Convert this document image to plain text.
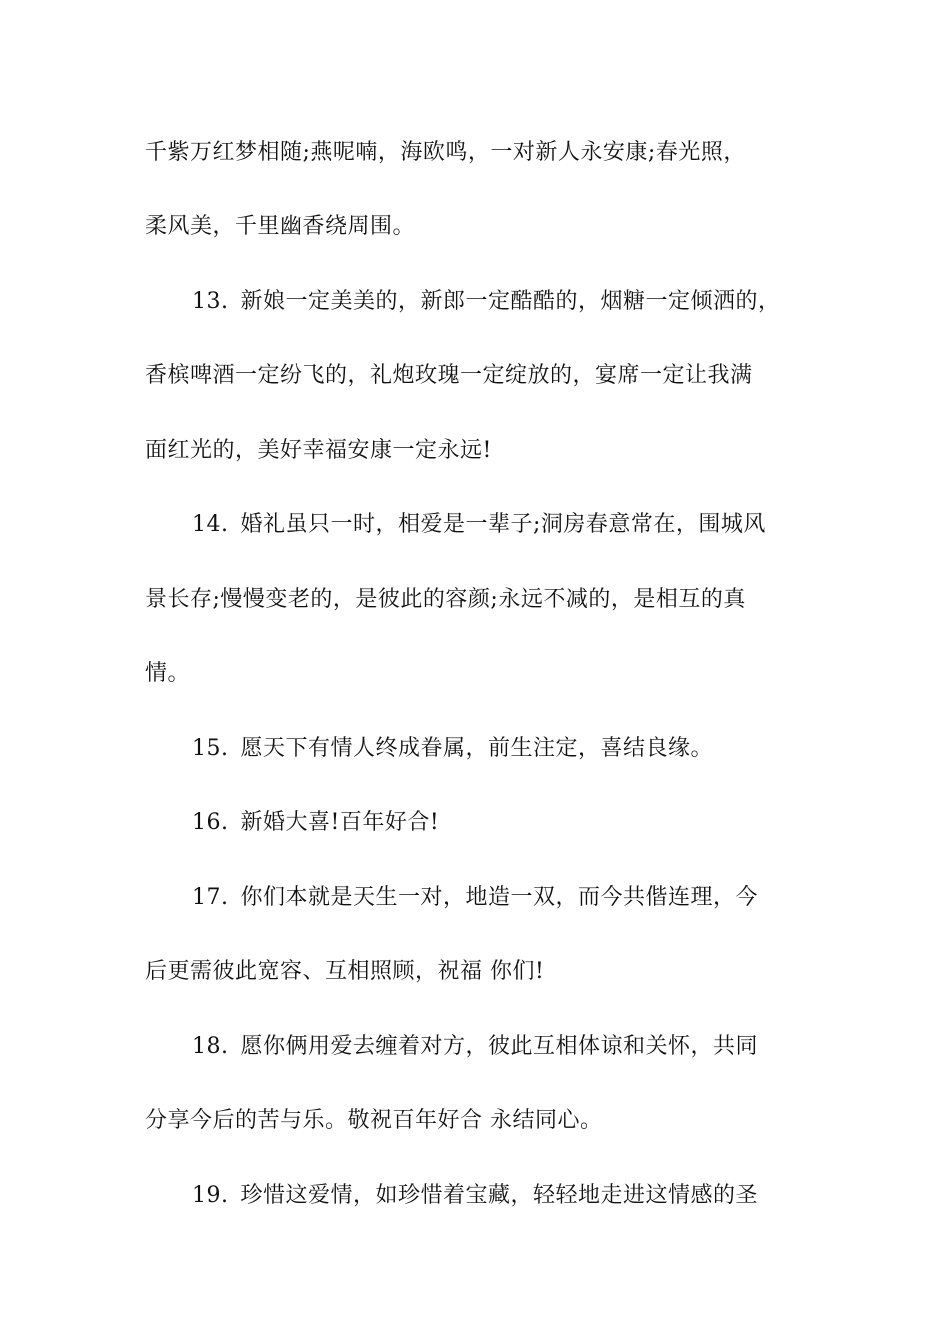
千紫万红梦相随;燕呢喃，海欧鸣，一对新人永安康;春光照，
柔风美，千里幽香绕周围。
13. 新娘一定美美的，新郎一定酷酷的，烟糖一定倾洒的，
香槟啤酒一定纷飞的，礼炮玫瑰一定绽放的，宴席一定让我满
面红光的，美好幸福安康一定永远!
14. 婚礼虽只一时，相爱是一辈子;洞房春意常在，围城风
景长存;慢慢变老的，是彼此的容颜;永远不减的，是相互的真
情。
15. 愿天下有情人终成眷属，前生注定，喜结良缘。
16. 新婚大喜!百年好合!
17. 你们本就是天生一对，地造一双，而今共偕连理，今
后更需彼此宽容、互相照顾，祝福 你们!
18. 愿你俩用爱去缠着对方，彼此互相体谅和关怀，共同
分享今后的苦与乐。敬祝百年好合 永结同心。
19. 珍惜这爱情，如珍惜着宝藏，轻轻地走进这情感的圣
